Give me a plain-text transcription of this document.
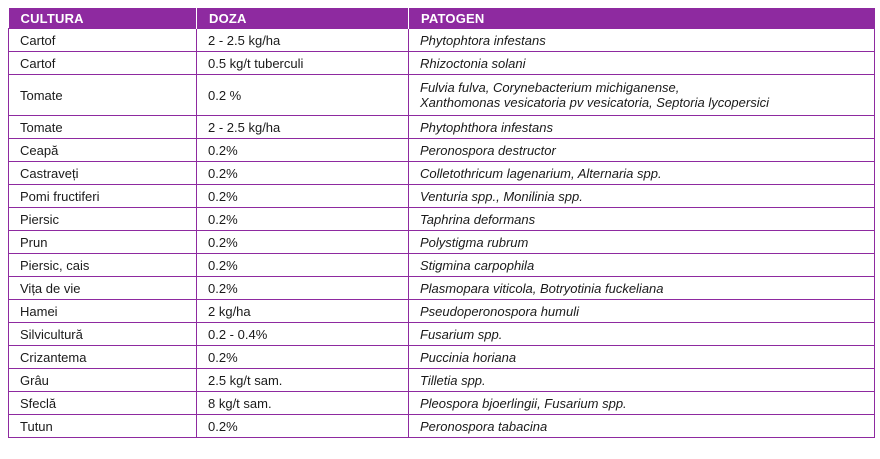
CULTURA	DOZA	PATOGEN
Cartof	2 - 2.5 kg/ha	Phytophtora infestans
Cartof	0.5 kg/t tuberculi	Rhizoctonia solani
Tomate	0.2 %	Fulvia fulva, Corynebacterium michiganense,
Xanthomonas vesicatoria pv vesicatoria, Septoria lycopersici
Tomate	2 - 2.5 kg/ha	Phytophthora infestans
Ceapă	0.2%	Peronospora destructor
Castraveți	0.2%	Colletothricum lagenarium, Alternaria spp.
Pomi fructiferi	0.2%	Venturia spp., Monilinia spp.
Piersic	0.2%	Taphrina deformans
Prun	0.2%	Polystigma rubrum
Piersic, cais	0.2%	Stigmina carpophila
Vița de vie	0.2%	Plasmopara viticola, Botryotinia fuckeliana
Hamei	2 kg/ha	Pseudoperonospora humuli
Silvicultură	0.2 - 0.4%	Fusarium spp.
Crizantema	0.2%	Puccinia horiana
Grâu	2.5 kg/t sam.	Tilletia spp.
Sfeclă	8 kg/t sam.	Pleospora bjoerlingii, Fusarium spp.
Tutun	0.2%	Peronospora tabacina
